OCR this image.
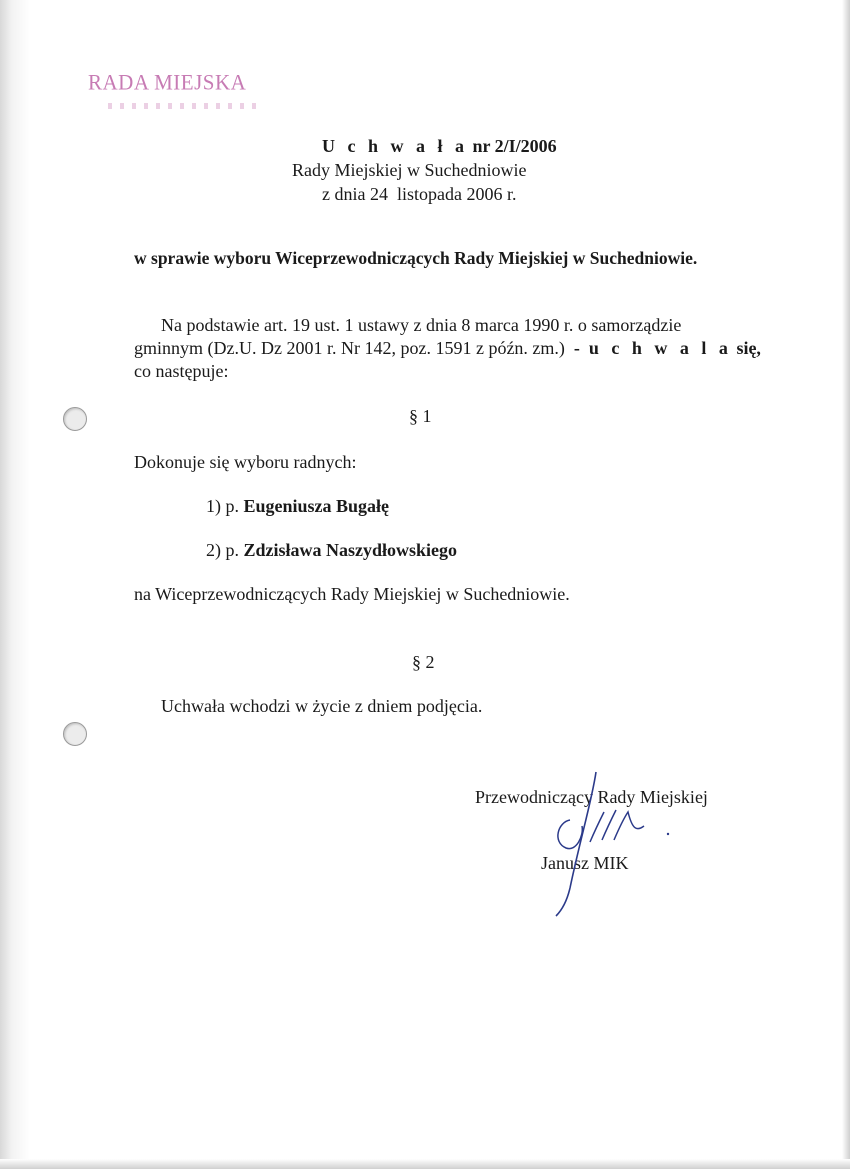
RADA MIEJSKA
U c h w a ł a nr 2/I/2006
Rady Miejskiej w Suchedniowie
z dnia 24 listopada 2006 r.
w sprawie wyboru Wiceprzewodniczących Rady Miejskiej w Suchedniowie.
Na podstawie art. 19 ust. 1 ustawy z dnia 8 marca 1990 r. o samorządzie
gminnym (Dz.U. Dz 2001 r. Nr 142, poz. 1591 z późn. zm.) - u c h w a l a się,
co następuje:
§ 1
Dokonuje się wyboru radnych:
1) p. Eugeniusza Bugałę
2) p. Zdzisława Naszydłowskiego
na Wiceprzewodniczących Rady Miejskiej w Suchedniowie.
§ 2
Uchwała wchodzi w życie z dniem podjęcia.
Przewodniczący Rady Miejskiej
Janusz MIK
